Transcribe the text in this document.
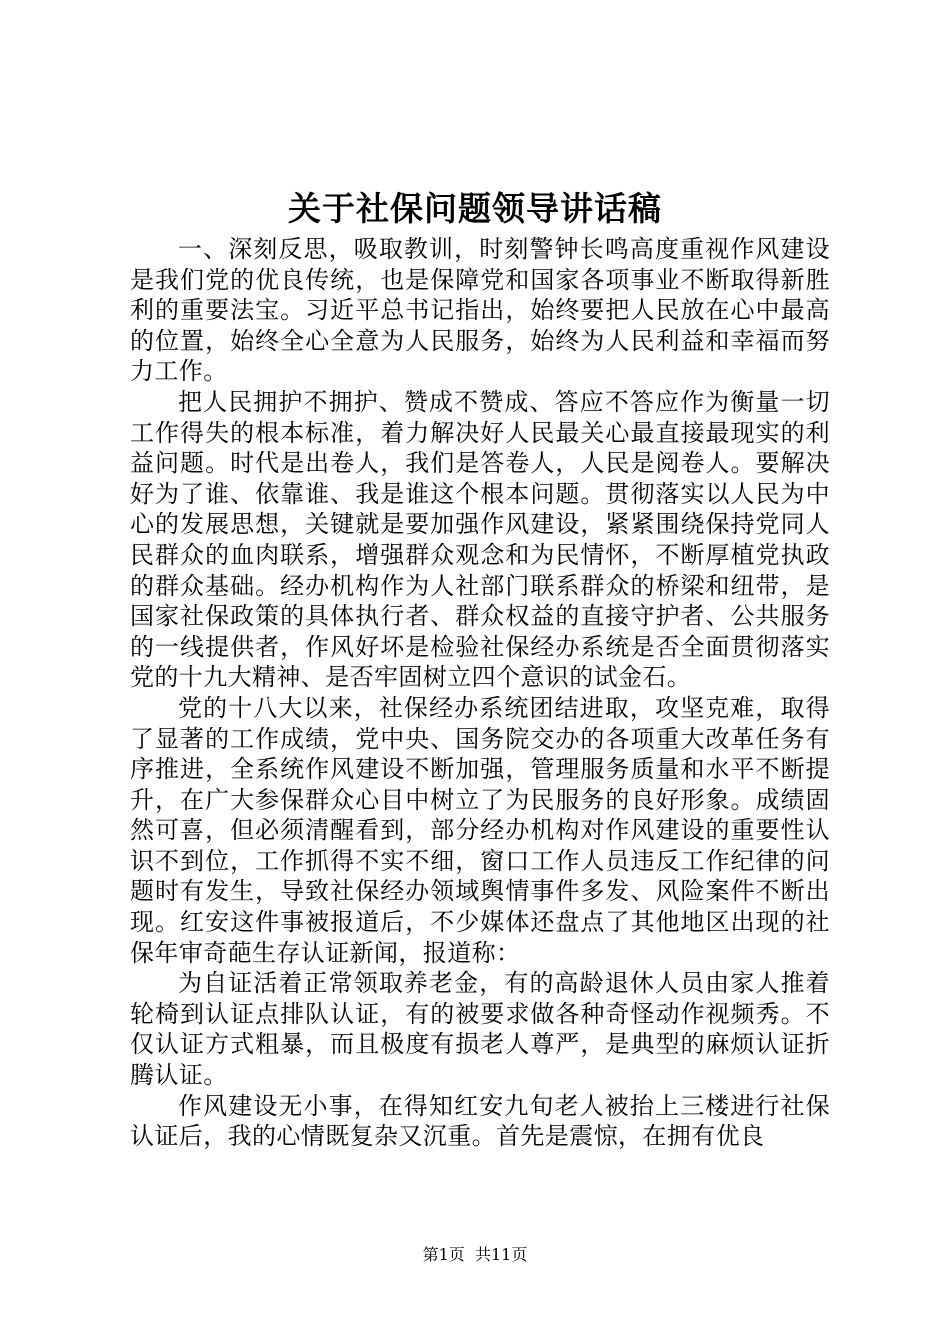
关于社保问题领导讲话稿

一、深刻反思，吸取教训，时刻警钟长鸣高度重视作风建设是我们党的优良传统，也是保障党和国家各项事业不断取得新胜利的重要法宝。习近平总书记指出，始终要把人民放在心中最高的位置，始终全心全意为人民服务，始终为人民利益和幸福而努力工作。

把人民拥护不拥护、赞成不赞成、答应不答应作为衡量一切工作得失的根本标准，着力解决好人民最关心最直接最现实的利益问题。时代是出卷人，我们是答卷人，人民是阅卷人。要解决好为了谁、依靠谁、我是谁这个根本问题。贯彻落实以人民为中心的发展思想，关键就是要加强作风建设，紧紧围绕保持党同人民群众的血肉联系，增强群众观念和为民情怀，不断厚植党执政的群众基础。经办机构作为人社部门联系群众的桥梁和纽带，是国家社保政策的具体执行者、群众权益的直接守护者、公共服务的一线提供者，作风好坏是检验社保经办系统是否全面贯彻落实党的十九大精神、是否牢固树立四个意识的试金石。

党的十八大以来，社保经办系统团结进取，攻坚克难，取得了显著的工作成绩，党中央、国务院交办的各项重大改革任务有序推进，全系统作风建设不断加强，管理服务质量和水平不断提升，在广大参保群众心目中树立了为民服务的良好形象。成绩固然可喜，但必须清醒看到，部分经办机构对作风建设的重要性认识不到位，工作抓得不实不细，窗口工作人员违反工作纪律的问题时有发生，导致社保经办领域舆情事件多发、风险案件不断出现。红安这件事被报道后，不少媒体还盘点了其他地区出现的社保年审奇葩生存认证新闻，报道称：

为自证活着正常领取养老金，有的高龄退休人员由家人推着轮椅到认证点排队认证，有的被要求做各种奇怪动作视频秀。不仅认证方式粗暴，而且极度有损老人尊严，是典型的麻烦认证折腾认证。

作风建设无小事，在得知红安九旬老人被抬上三楼进行社保认证后，我的心情既复杂又沉重。首先是震惊，在拥有优良

第1页 共11页
